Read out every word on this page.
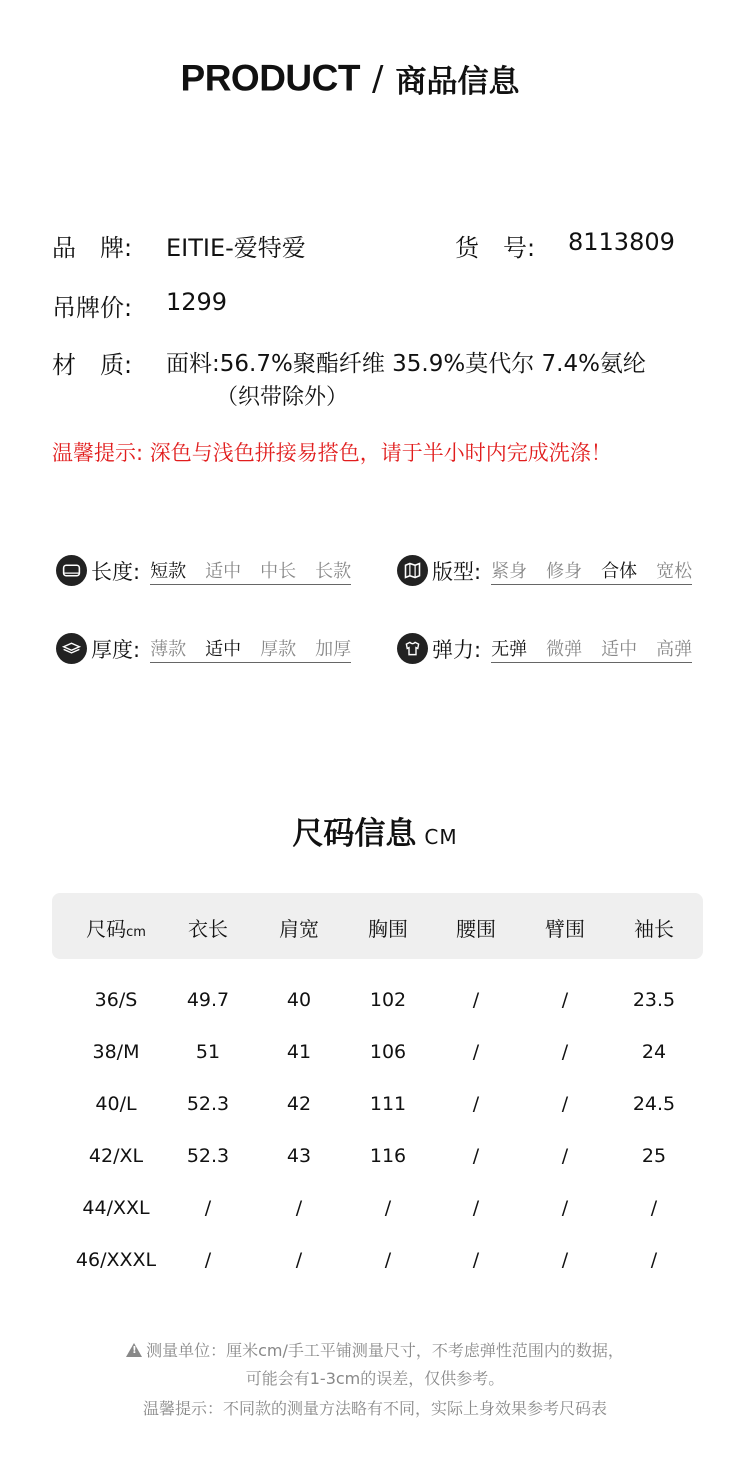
PRODUCT / 商品信息
品　牌: EITIE-爱特爱	货　号: 8113809
吊牌价: 1299
材　质: 面料:56.7%聚酯纤维 35.9%莫代尔 7.4%氨纶
（织带除外）
温馨提示: 深色与浅色拼接易搭色，请于半小时内完成洗涤！
长度: 短款 适中 中长 长款	版型: 紧身 修身 合体 宽松
厚度: 薄款 适中 厚款 加厚	弹力: 无弹 微弹 适中 高弹
尺码信息 CM
尺码cm	衣长	肩宽	胸围	腰围	臂围	袖长
36/S	49.7	40	102	/	/	23.5
38/M	51	41	106	/	/	24
40/L	52.3	42	111	/	/	24.5
42/XL	52.3	43	116	/	/	25
44/XXL	/	/	/	/	/	/
46/XXXL	/	/	/	/	/	/
!测量单位：厘米cm/手工平铺测量尺寸，不考虑弹性范围内的数据，
可能会有1-3cm的误差，仅供参考。
温馨提示：不同款的测量方法略有不同，实际上身效果参考尺码表
